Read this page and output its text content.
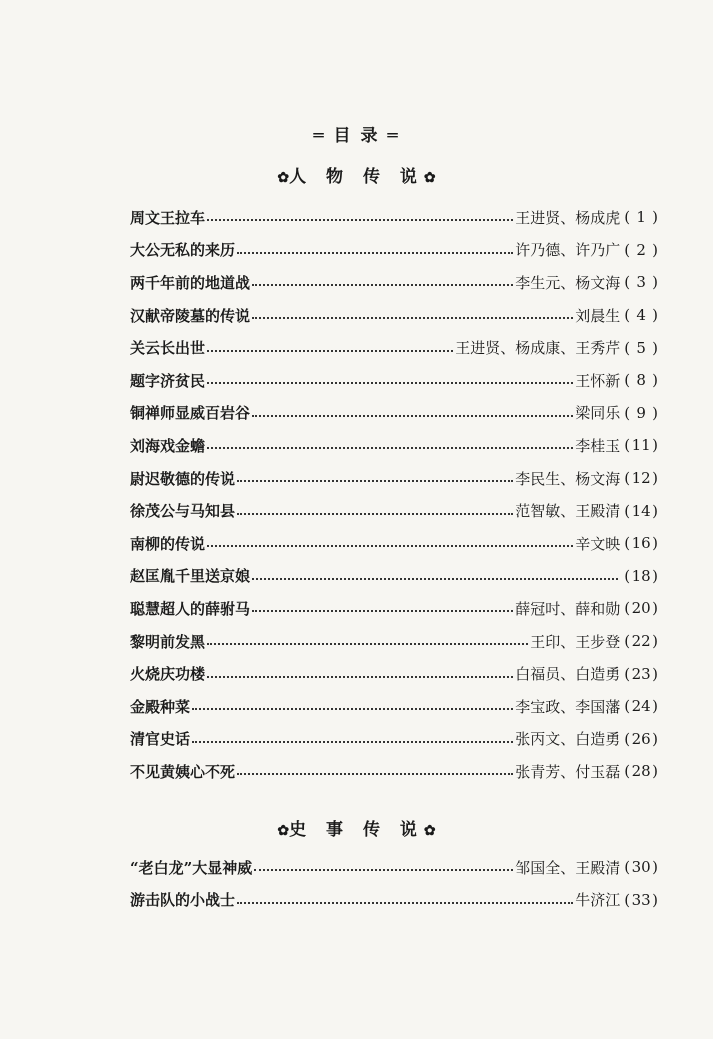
═ 目 录 ═
✿人 物 传 说✿
周文王拉车	王进贤、杨成虎 ( 1 )
大公无私的来历	许乃德、许乃广 ( 2 )
两千年前的地道战	李生元、杨文海 ( 3 )
汉献帝陵墓的传说	刘晨生 ( 4 )
关云长出世	王进贤、杨成康、王秀芹 ( 5 )
题字济贫民	王怀新 ( 8 )
铜禅师显威百岩谷	梁同乐 ( 9 )
刘海戏金蟾	李桂玉 (11)
尉迟敬德的传说	李民生、杨文海 (12)
徐茂公与马知县	范智敏、王殿清 (14)
南柳的传说	辛文映 (16)
赵匡胤千里送京娘	(18)
聪慧超人的薛驸马	薛冠吋、薛和勋 (20)
黎明前发黑	王印、王步登 (22)
火烧庆功楼	白福员、白造勇 (23)
金殿种菜	李宝政、李国藩 (24)
清官史话	张丙文、白造勇 (26)
不见黄姨心不死	张青芳、付玉磊 (28)
✿史 事 传 说✿
“老白龙”大显神威	邹国全、王殿清 (30)
游击队的小战士	牛济江 (33)
